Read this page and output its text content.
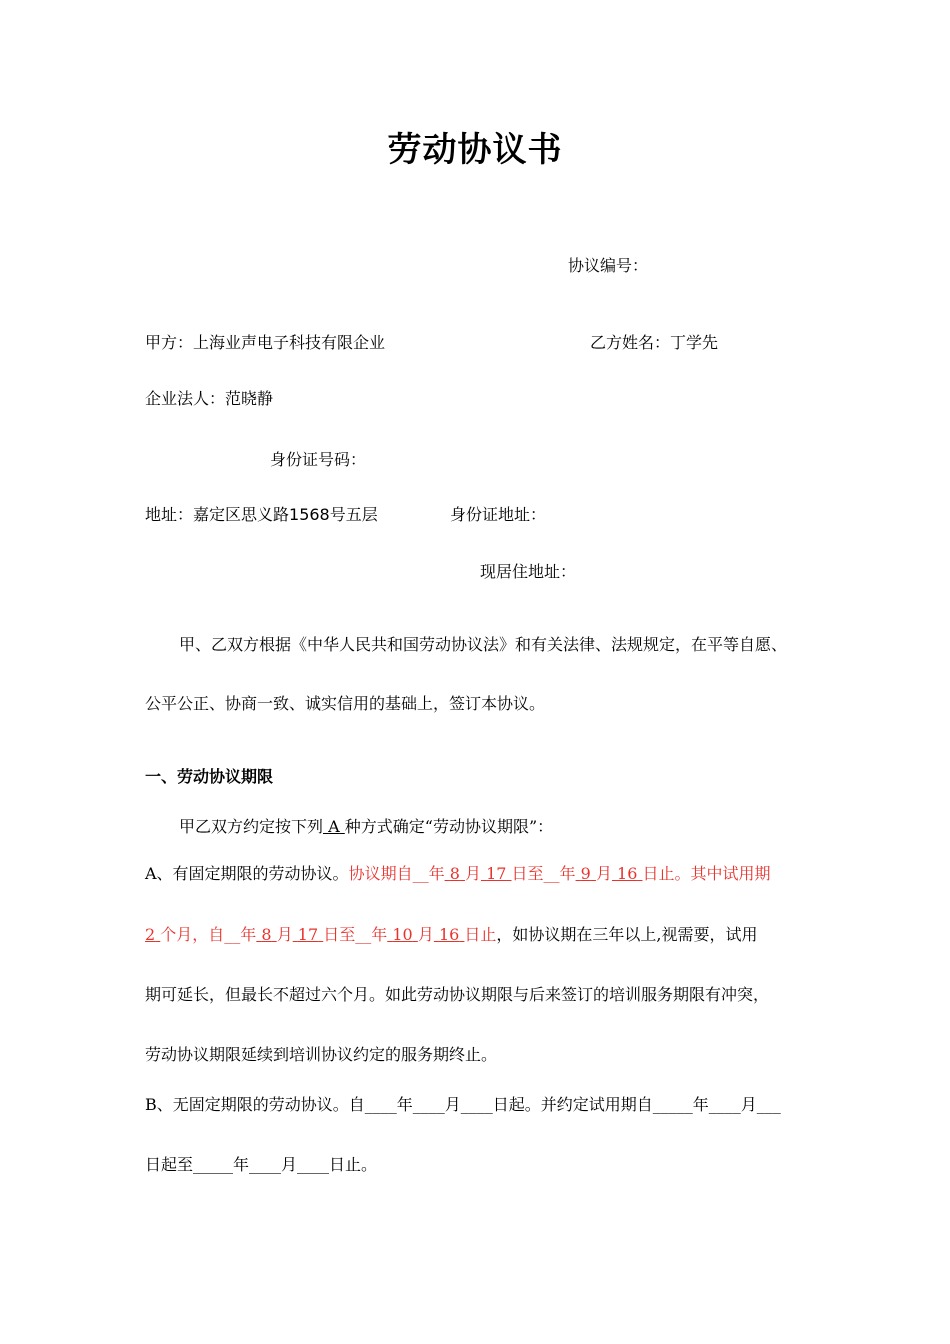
劳动协议书
协议编号：
甲方：上海业声电子科技有限企业	乙方姓名：丁学先
企业法人：范晓静
身份证号码：
地址：嘉定区思义路1568号五层	身份证地址：
现居住地址：
甲、乙双方根据《中华人民共和国劳动协议法》和有关法律、法规规定，在平等自愿、
公平公正、协商一致、诚实信用的基础上，签订本协议。
一、劳动协议期限
甲乙双方约定按下列 A 种方式确定“劳动协议期限”：
A、有固定期限的劳动协议。协议期自__年 8 月 17 日至__年 9 月 16 日止。其中试用期
2 个月，自__年 8 月 17 日至__年 10 月 16 日止，如协议期在三年以上,视需要，试用
期可延长，但最长不超过六个月。如此劳动协议期限与后来签订的培训服务期限有冲突，
劳动协议期限延续到培训协议约定的服务期终止。
B、无固定期限的劳动协议。自____年____月____日起。并约定试用期自_____年____月___
日起至_____年____月____日止。
